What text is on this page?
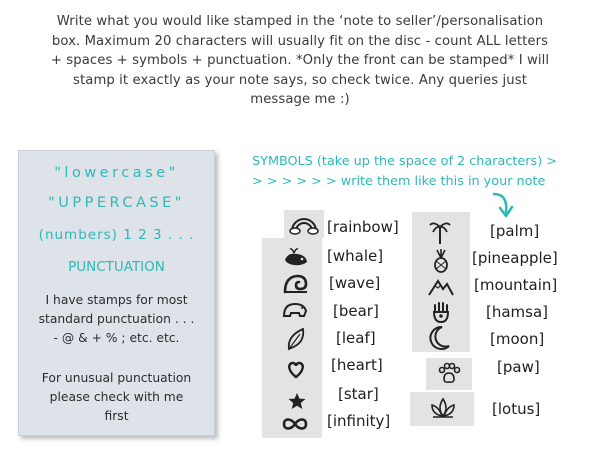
Write what you would like stamped in the ‘note to seller’/personalisation
box. Maximum 20 characters will usually fit on the disc - count ALL letters
+ spaces + symbols + punctuation. *Only the front can be stamped* I will
stamp it exactly as your note says, so check twice. Any queries just
message me :)
"lowercase"
"UPPERCASE"
(numbers) 1 2 3 . . .
PUNCTUATION
I have stamps for most
standard punctuation . . .
- @ & + % ; etc. etc.
For unusual punctuation
please check with me
first
SYMBOLS (take up the space of 2 characters) >
> > > > > > write them like this in your note
[rainbow]
[whale]
[wave]
[bear]
[leaf]
[heart]
[star]
[infinity]
[palm]
[pineapple]
[mountain]
[hamsa]
[moon]
[paw]
[lotus]
